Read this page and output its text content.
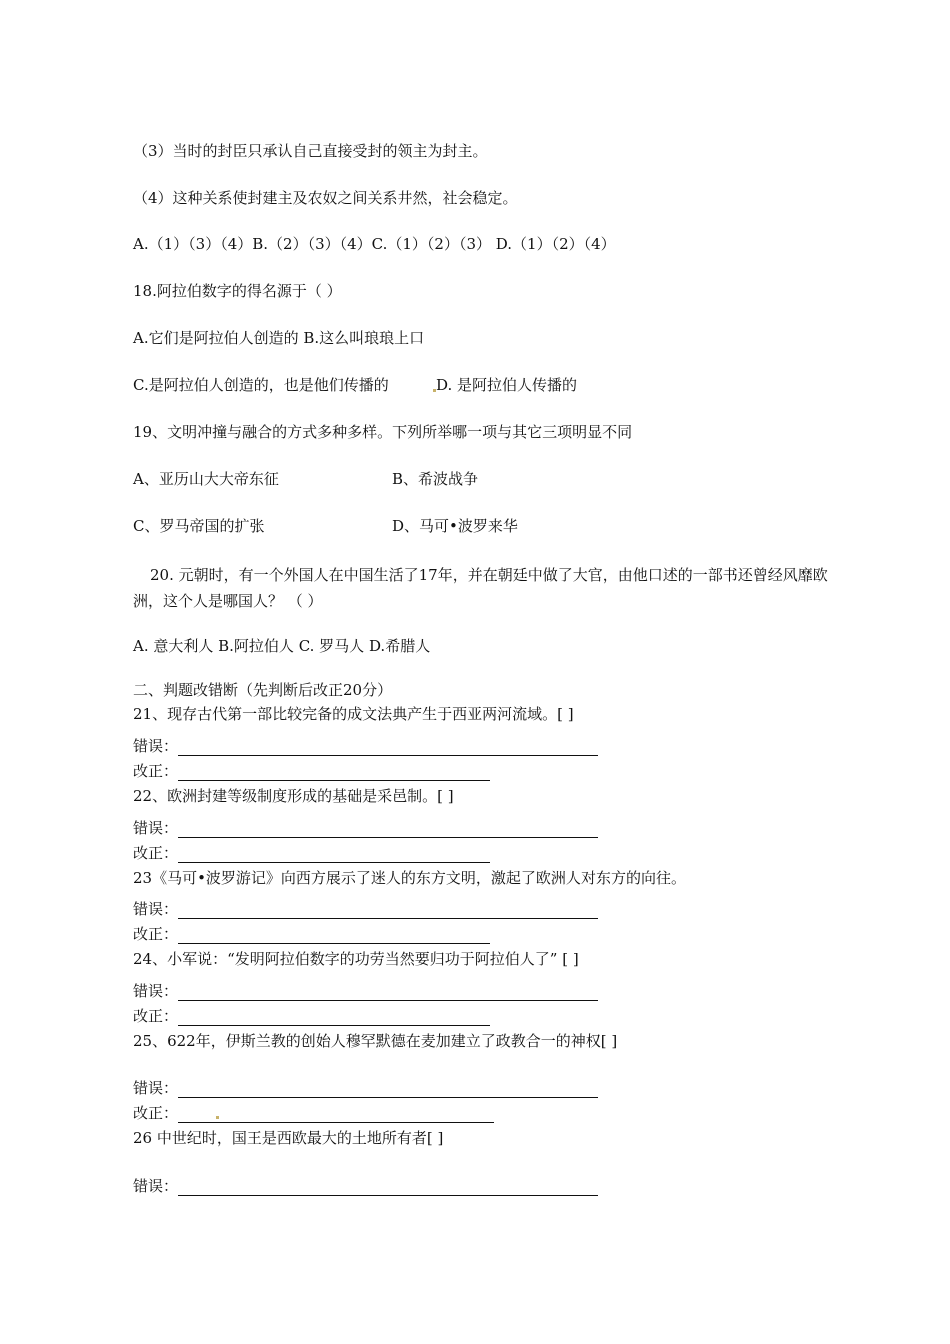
（3）当时的封臣只承认自己直接受封的领主为封主。
（4）这种关系使封建主及农奴之间关系井然，社会稳定。
A.（1）（3）（4）B.（2）（3）（4）C.（1）（2）（3） D.（1）（2）（4）
18.阿拉伯数字的得名源于（ ）
A.它们是阿拉伯人创造的 B.这么叫琅琅上口
C.是阿拉伯人创造的，也是他们传播的	D. 是阿拉伯人传播的
19、文明冲撞与融合的方式多种多样。下列所举哪一项与其它三项明显不同
A、亚历山大大帝东征	B、希波战争
C、罗马帝国的扩张	D、马可•波罗来华
20. 元朝时，有一个外国人在中国生活了17年，并在朝廷中做了大官，由他口述的一部书还曾经风靡欧洲，这个人是哪国人？ （ ）
A. 意大利人 B.阿拉伯人 C. 罗马人 D.希腊人
二、判题改错断（先判断后改正20分）
21、现存古代第一部比较完备的成文法典产生于西亚两河流域。[ ]
错误：
改正：
22、欧洲封建等级制度形成的基础是采邑制。[ ]
错误：
改正：
23《马可•波罗游记》向西方展示了迷人的东方文明，激起了欧洲人对东方的向往。
错误：
改正：
24、小军说：“发明阿拉伯数字的功劳当然要归功于阿拉伯人了” [ ]
错误：
改正：
25、622年，伊斯兰教的创始人穆罕默德在麦加建立了政教合一的神权[ ]
错误：
改正：
26 中世纪时，国王是西欧最大的土地所有者[ ]
错误：
